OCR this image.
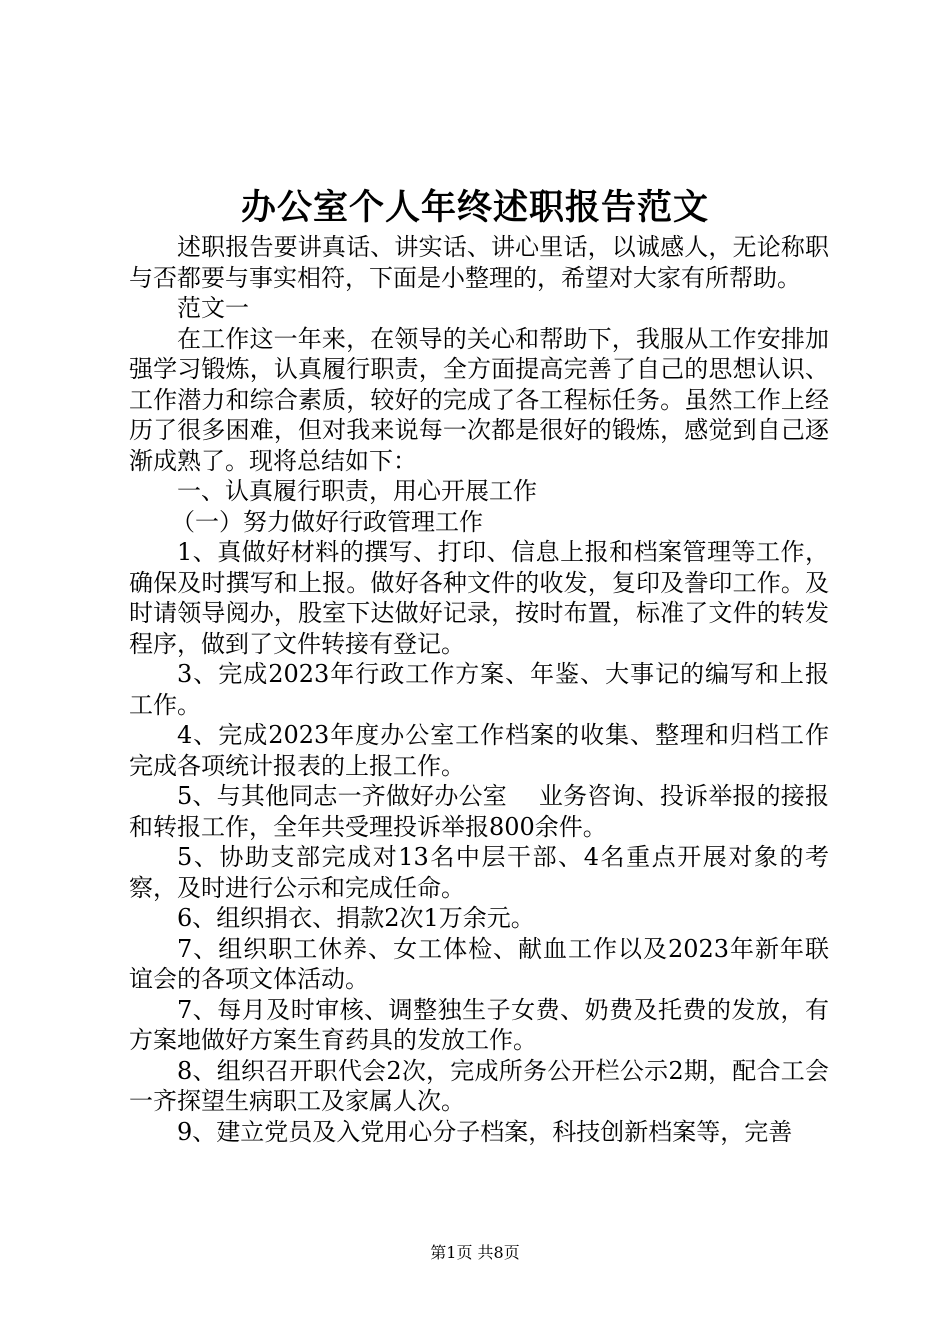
办公室个人年终述职报告范文

述职报告要讲真话、讲实话、讲心里话，以诚感人，无论称职与否都要与事实相符，下面是小整理的，希望对大家有所帮助。

范文一

在工作这一年来，在领导的关心和帮助下，我服从工作安排加强学习锻炼，认真履行职责，全方面提高完善了自己的思想认识、工作潜力和综合素质，较好的完成了各工程标任务。虽然工作上经历了很多困难，但对我来说每一次都是很好的锻炼，感觉到自己逐渐成熟了。现将总结如下：

一、认真履行职责，用心开展工作

（一）努力做好行政管理工作

1、真做好材料的撰写、打印、信息上报和档案管理等工作，确保及时撰写和上报。做好各种文件的收发，复印及誊印工作。及时请领导阅办，股室下达做好记录，按时布置，标准了文件的转发程序，做到了文件转接有登记。

3、完成2023年行政工作方案、年鉴、大事记的编写和上报工作。

4、完成2023年度办公室工作档案的收集、整理和归档工作完成各项统计报表的上报工作。

5、与其他同志一齐做好办公室　 业务咨询、投诉举报的接报和转报工作，全年共受理投诉举报800余件。

5、协助支部完成对13名中层干部、4名重点开展对象的考察，及时进行公示和完成任命。

6、组织捐衣、捐款2次1万余元。

7、组织职工休养、女工体检、献血工作以及2023年新年联谊会的各项文体活动。

7、每月及时审核、调整独生子女费、奶费及托费的发放，有方案地做好方案生育药具的发放工作。

8、组织召开职代会2次，完成所务公开栏公示2期，配合工会一齐探望生病职工及家属人次。

9、建立党员及入党用心分子档案，科技创新档案等，完善

第1页 共8页
